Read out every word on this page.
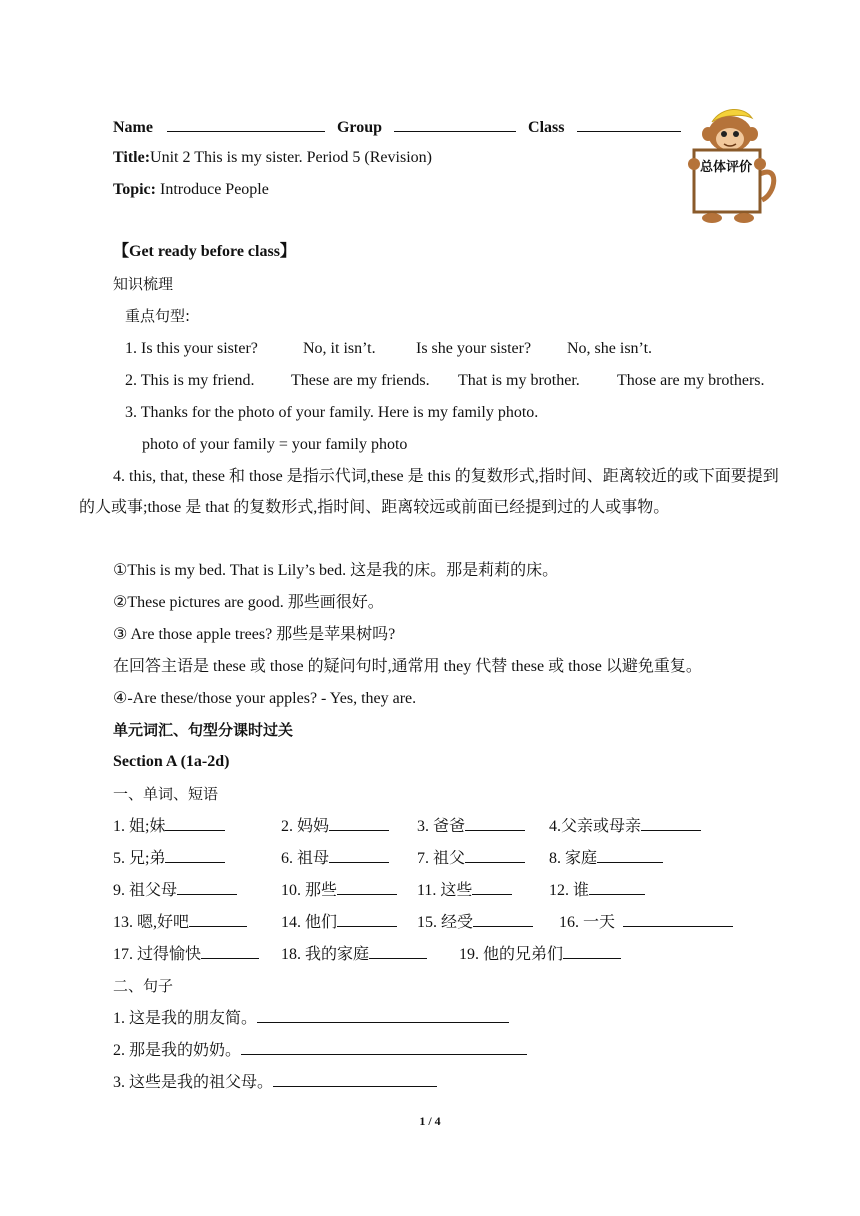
Name	Group	Class
Title:Unit 2 This is my sister. Period 5 (Revision)
Topic: Introduce People
总体评价
【Get ready before class】
知识梳理
重点句型:
1. Is this your sister?	No, it isn’t.	Is she your sister? No, she isn’t.
2. This is my friend. These are my friends. That is my brother. Those are my brothers.
3. Thanks for the photo of your family. Here is my family photo.
photo of your family = your family photo
4. this, that, these 和 those 是指示代词,these 是 this 的复数形式,指时间、距离较近的或下面要提到的人或事;those 是 that 的复数形式,指时间、距离较远或前面已经提到过的人或事物。
①This is my bed. That is Lily’s bed. 这是我的床。那是莉莉的床。
②These pictures are good. 那些画很好。
③ Are those apple trees? 那些是苹果树吗?
在回答主语是 these 或 those 的疑问句时,通常用 they 代替 these 或 those 以避免重复。
④-Are these/those your apples? - Yes, they are.
单元词汇、句型分课时过关
Section A (1a-2d)
一、单词、短语
1. 姐;妹	2. 妈妈	3. 爸爸	4.父亲或母亲
5. 兄;弟	6. 祖母	7. 祖父	8. 家庭
9. 祖父母	10. 那些	11. 这些	12. 谁
13. 嗯,好吧	14. 他们	15. 经受	16. 一天
17. 过得愉快	18. 我的家庭	19. 他的兄弟们
二、句子
1. 这是我的朋友简。
2. 那是我的奶奶。
3. 这些是我的祖父母。
1 / 4
